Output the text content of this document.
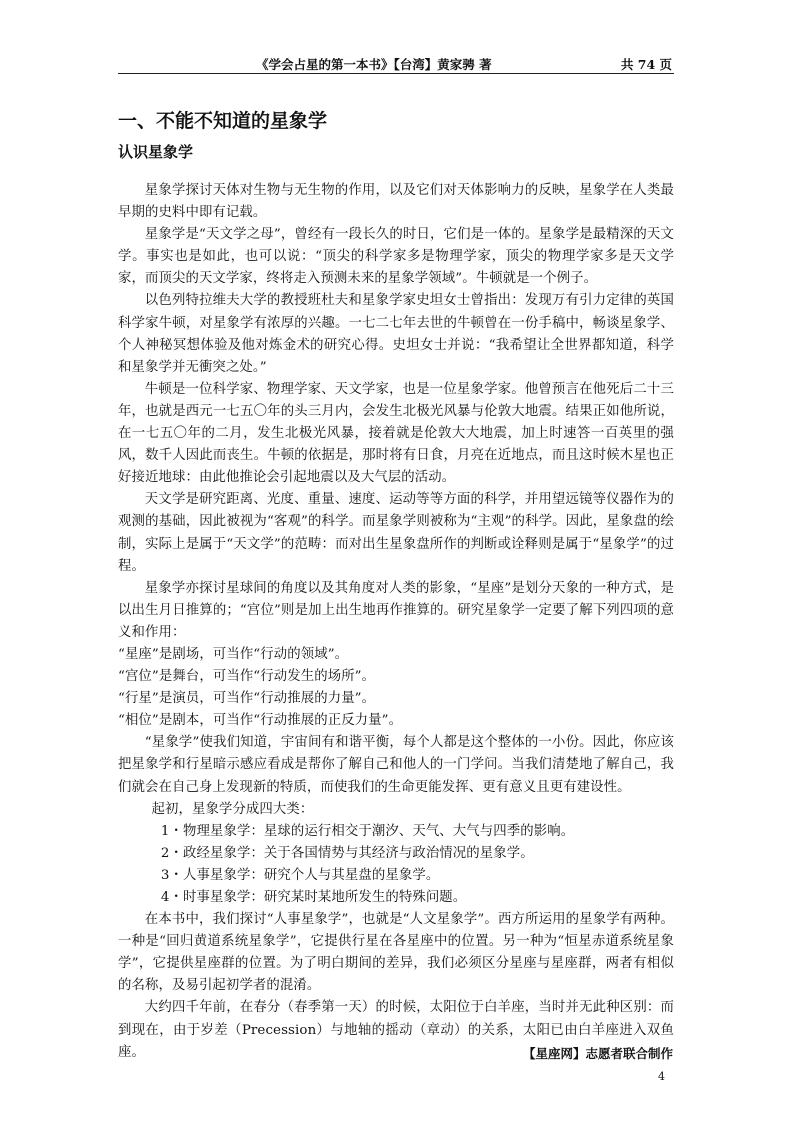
《学会占星的第一本书》【台湾】黄家骋 著	共 74 页
一、不能不知道的星象学
认识星象学

星象学探讨天体对生物与无生物的作用，以及它们对天体影响力的反映，星象学在人类最早期的史料中即有记载。

星象学是“天文学之母”，曾经有一段长久的时日，它们是一体的。星象学是最精深的天文学。事实也是如此，也可以说：“顶尖的科学家多是物理学家，顶尖的物理学家多是天文学家，而顶尖的天文学家，终将走入预测未来的星象学领域”。牛顿就是一个例子。

以色列特拉维夫大学的教授班杜夫和星象学家史坦女士曾指出：发现万有引力定律的英国科学家牛顿，对星象学有浓厚的兴趣。一七二七年去世的牛顿曾在一份手稿中，畅谈星象学、个人神秘冥想体验及他对炼金术的研究心得。史坦女士并说：“我希望让全世界都知道，科学和星象学并无衝突之处。”

牛顿是一位科学家、物理学家、天文学家，也是一位星象学家。他曾预言在他死后二十三年，也就是西元一七五〇年的头三月内，会发生北极光风暴与伦敦大地震。结果正如他所说，在一七五〇年的二月，发生北极光风暴，接着就是伦敦大大地震，加上时速答一百英里的强风，数千人因此而丧生。牛顿的依据是，那时将有日食，月亮在近地点，而且这时候木星也正好接近地球：由此他推论会引起地震以及大气层的活动。

天文学是研究距离、光度、重量、速度、运动等等方面的科学，并用望远镜等仪器作为的观测的基础，因此被视为“客观”的科学。而星象学则被称为“主观”的科学。因此，星象盘的绘制，实际上是属于“天文学”的范畴：而对出生星象盘所作的判断或诠释则是属于“星象学”的过程。

星象学亦探讨星球间的角度以及其角度对人类的影象，“星座”是划分天象的一种方式，是以出生月日推算的；“宫位”则是加上出生地再作推算的。研究星象学一定要了解下列四项的意义和作用：

“星座”是剧场，可当作“行动的领域”。

“宫位”是舞台，可当作“行动发生的场所”。

“行星”是演员，可当作“行动推展的力量”。

“相位”是剧本，可当作“行动推展的正反力量”。

“星象学”使我们知道，宇宙间有和谐平衡，每个人都是这个整体的一小份。因此，你应该把星象学和行星暗示感应看成是帮你了解自己和他人的一门学问。当我们清楚地了解自己，我们就会在自己身上发现新的特质，而使我们的生命更能发挥、更有意义且更有建设性。

起初，星象学分成四大类：

1・物理星象学：星球的运行相交于潮汐、天气、大气与四季的影响。

2・政经星象学：关于各国情势与其经济与政治情况的星象学。

3・人事星象学：研究个人与其星盘的星象学。

4・时事星象学：研究某时某地所发生的特殊问题。

在本书中，我们探讨“人事星象学”，也就是“人文星象学”。西方所运用的星象学有两种。一种是“回归黄道系统星象学”，它提供行星在各星座中的位置。另一种为“恒星赤道系统星象学”，它提供星座群的位置。为了明白期间的差异，我们必须区分星座与星座群，两者有相似的名称，及易引起初学者的混淆。

大约四千年前，在春分（春季第一天）的时候，太阳位于白羊座，当时并无此种区别：而到现在，由于岁差（Precession）与地轴的摇动（章动）的关系，太阳已由白羊座进入双鱼座。	【星座网】志愿者联合制作
4
